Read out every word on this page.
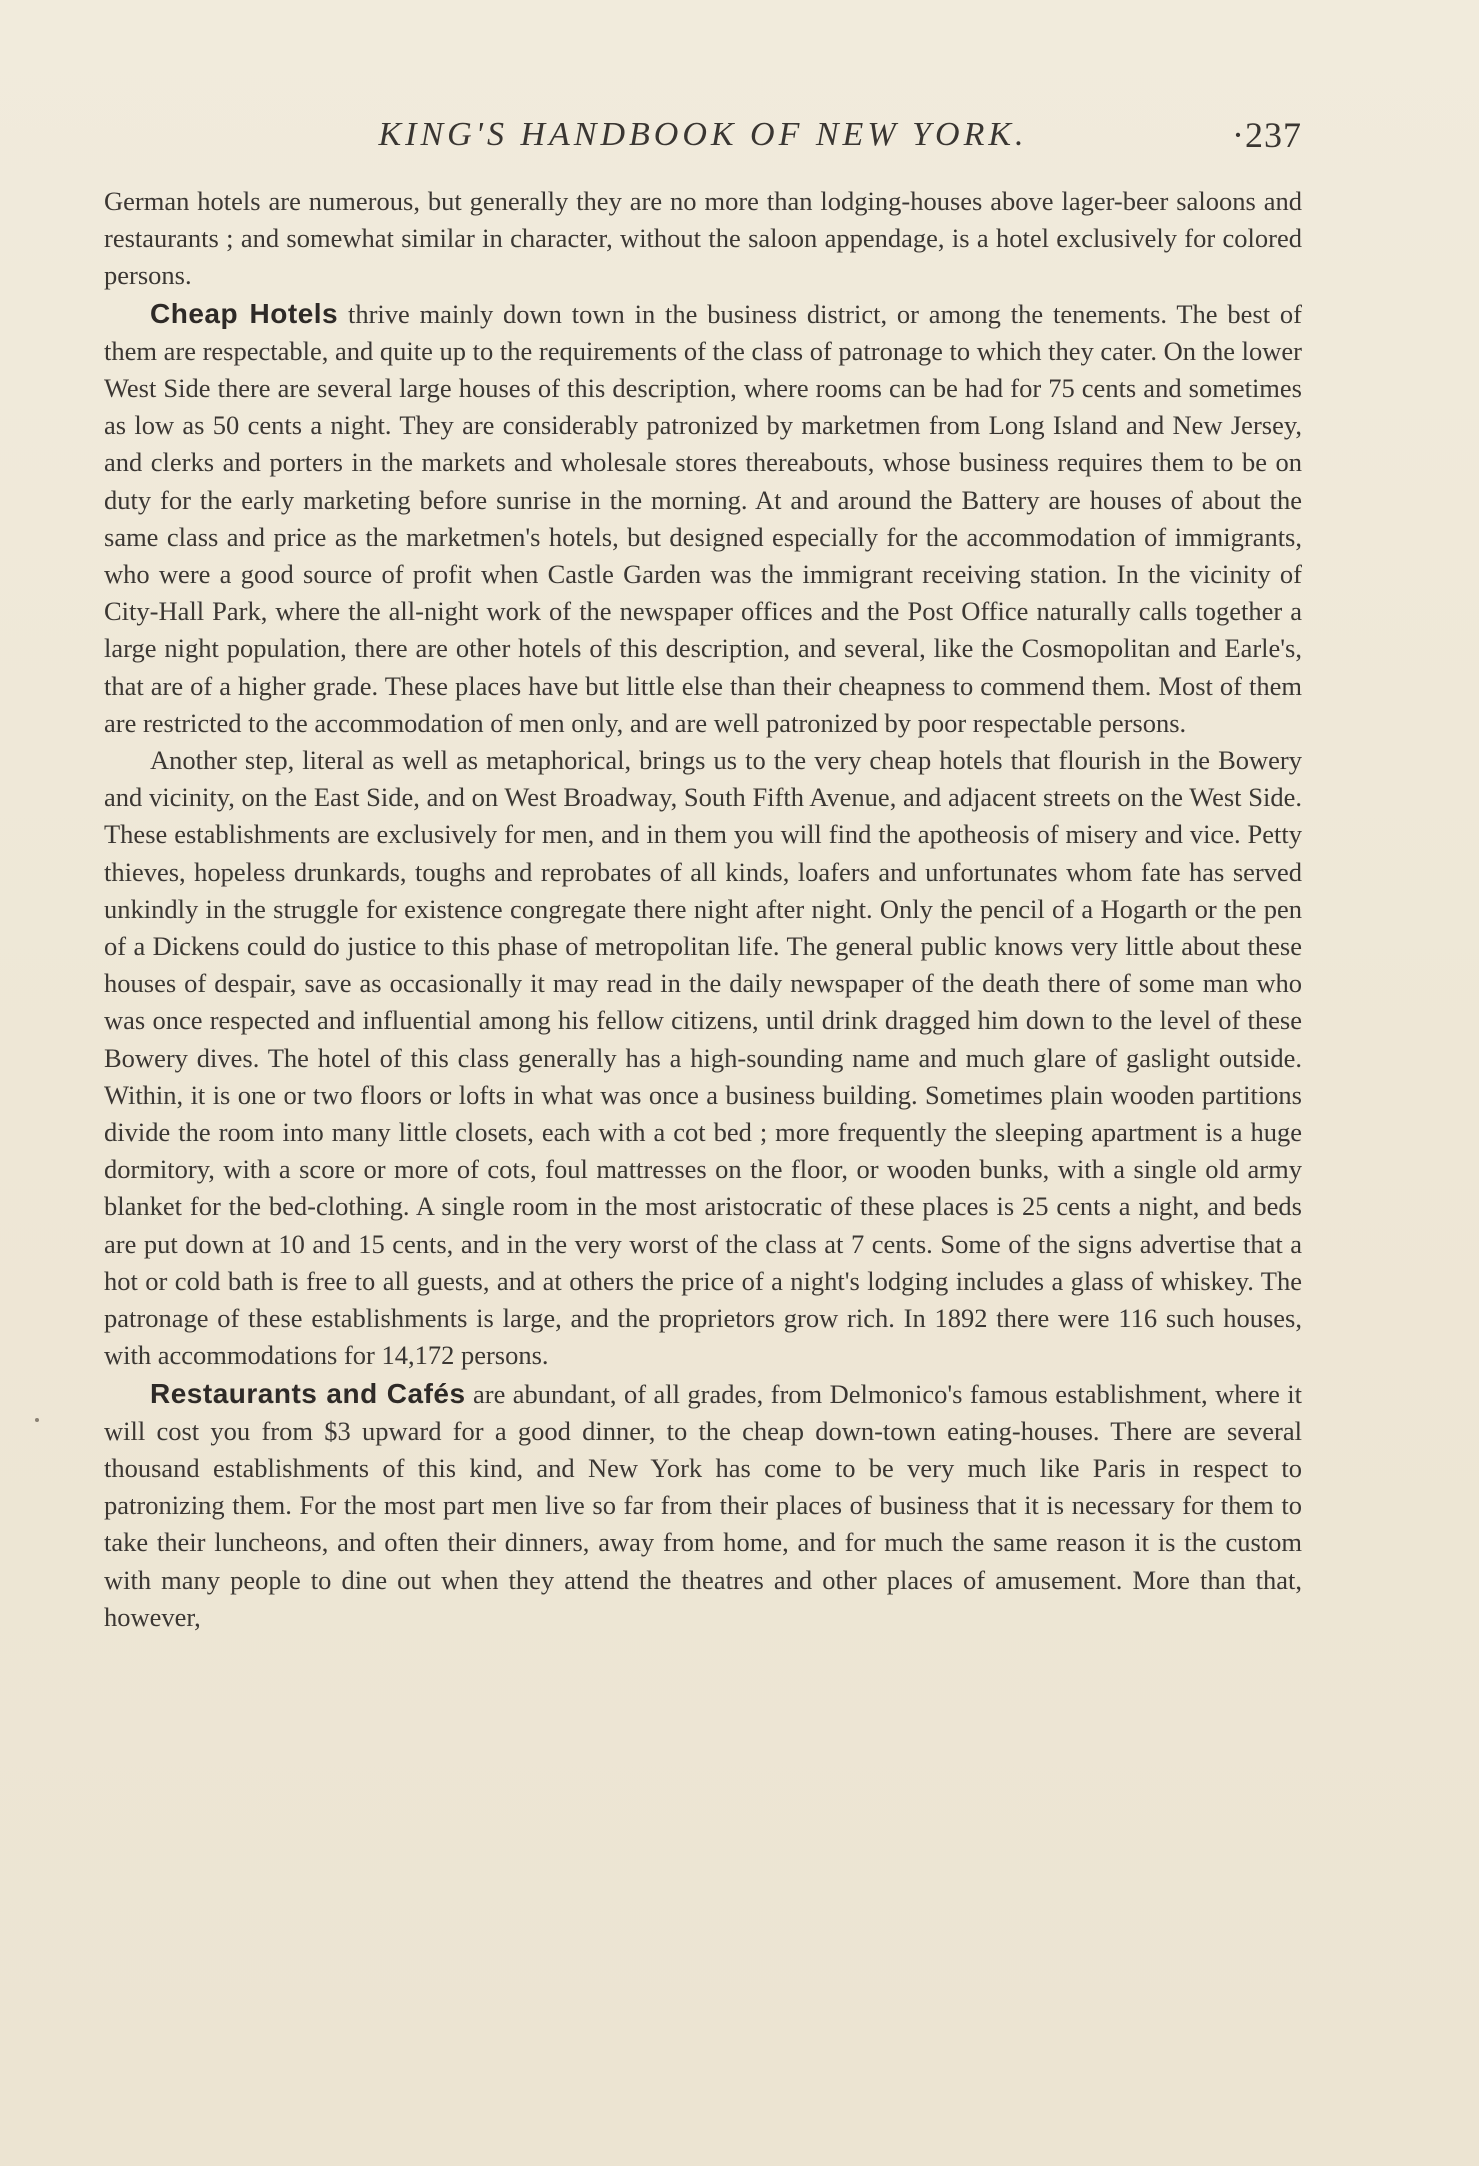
KING'S HANDBOOK OF NEW YORK.	·237

German hotels are numerous, but generally they are no more than lodging-houses above lager-beer saloons and restaurants ; and somewhat similar in character, without the saloon appendage, is a hotel exclusively for colored persons.

Cheap Hotels thrive mainly down town in the business district, or among the tenements. The best of them are respectable, and quite up to the requirements of the class of patronage to which they cater. On the lower West Side there are several large houses of this description, where rooms can be had for 75 cents and sometimes as low as 50 cents a night. They are considerably patronized by marketmen from Long Island and New Jersey, and clerks and porters in the markets and wholesale stores thereabouts, whose business requires them to be on duty for the early marketing before sunrise in the morning. At and around the Battery are houses of about the same class and price as the marketmen's hotels, but designed especially for the accommodation of immigrants, who were a good source of profit when Castle Garden was the immigrant receiving station. In the vicinity of City-Hall Park, where the all-night work of the newspaper offices and the Post Office naturally calls together a large night population, there are other hotels of this description, and several, like the Cosmopolitan and Earle's, that are of a higher grade. These places have but little else than their cheapness to commend them. Most of them are restricted to the accommodation of men only, and are well patronized by poor respectable persons.

Another step, literal as well as metaphorical, brings us to the very cheap hotels that flourish in the Bowery and vicinity, on the East Side, and on West Broadway, South Fifth Avenue, and adjacent streets on the West Side. These establishments are exclusively for men, and in them you will find the apotheosis of misery and vice. Petty thieves, hopeless drunkards, toughs and reprobates of all kinds, loafers and unfortunates whom fate has served unkindly in the struggle for existence congregate there night after night. Only the pencil of a Hogarth or the pen of a Dickens could do justice to this phase of metropolitan life. The general public knows very little about these houses of despair, save as occasionally it may read in the daily newspaper of the death there of some man who was once respected and influential among his fellow citizens, until drink dragged him down to the level of these Bowery dives. The hotel of this class generally has a high-sounding name and much glare of gaslight outside. Within, it is one or two floors or lofts in what was once a business building. Sometimes plain wooden partitions divide the room into many little closets, each with a cot bed ; more frequently the sleeping apartment is a huge dormitory, with a score or more of cots, foul mattresses on the floor, or wooden bunks, with a single old army blanket for the bed-clothing. A single room in the most aristocratic of these places is 25 cents a night, and beds are put down at 10 and 15 cents, and in the very worst of the class at 7 cents. Some of the signs advertise that a hot or cold bath is free to all guests, and at others the price of a night's lodging includes a glass of whiskey. The patronage of these establishments is large, and the proprietors grow rich. In 1892 there were 116 such houses, with accommodations for 14,172 persons.

Restaurants and Cafés are abundant, of all grades, from Delmonico's famous establishment, where it will cost you from $3 upward for a good dinner, to the cheap down-town eating-houses. There are several thousand establishments of this kind, and New York has come to be very much like Paris in respect to patronizing them. For the most part men live so far from their places of business that it is necessary for them to take their luncheons, and often their dinners, away from home, and for much the same reason it is the custom with many people to dine out when they attend the theatres and other places of amusement. More than that, however,
